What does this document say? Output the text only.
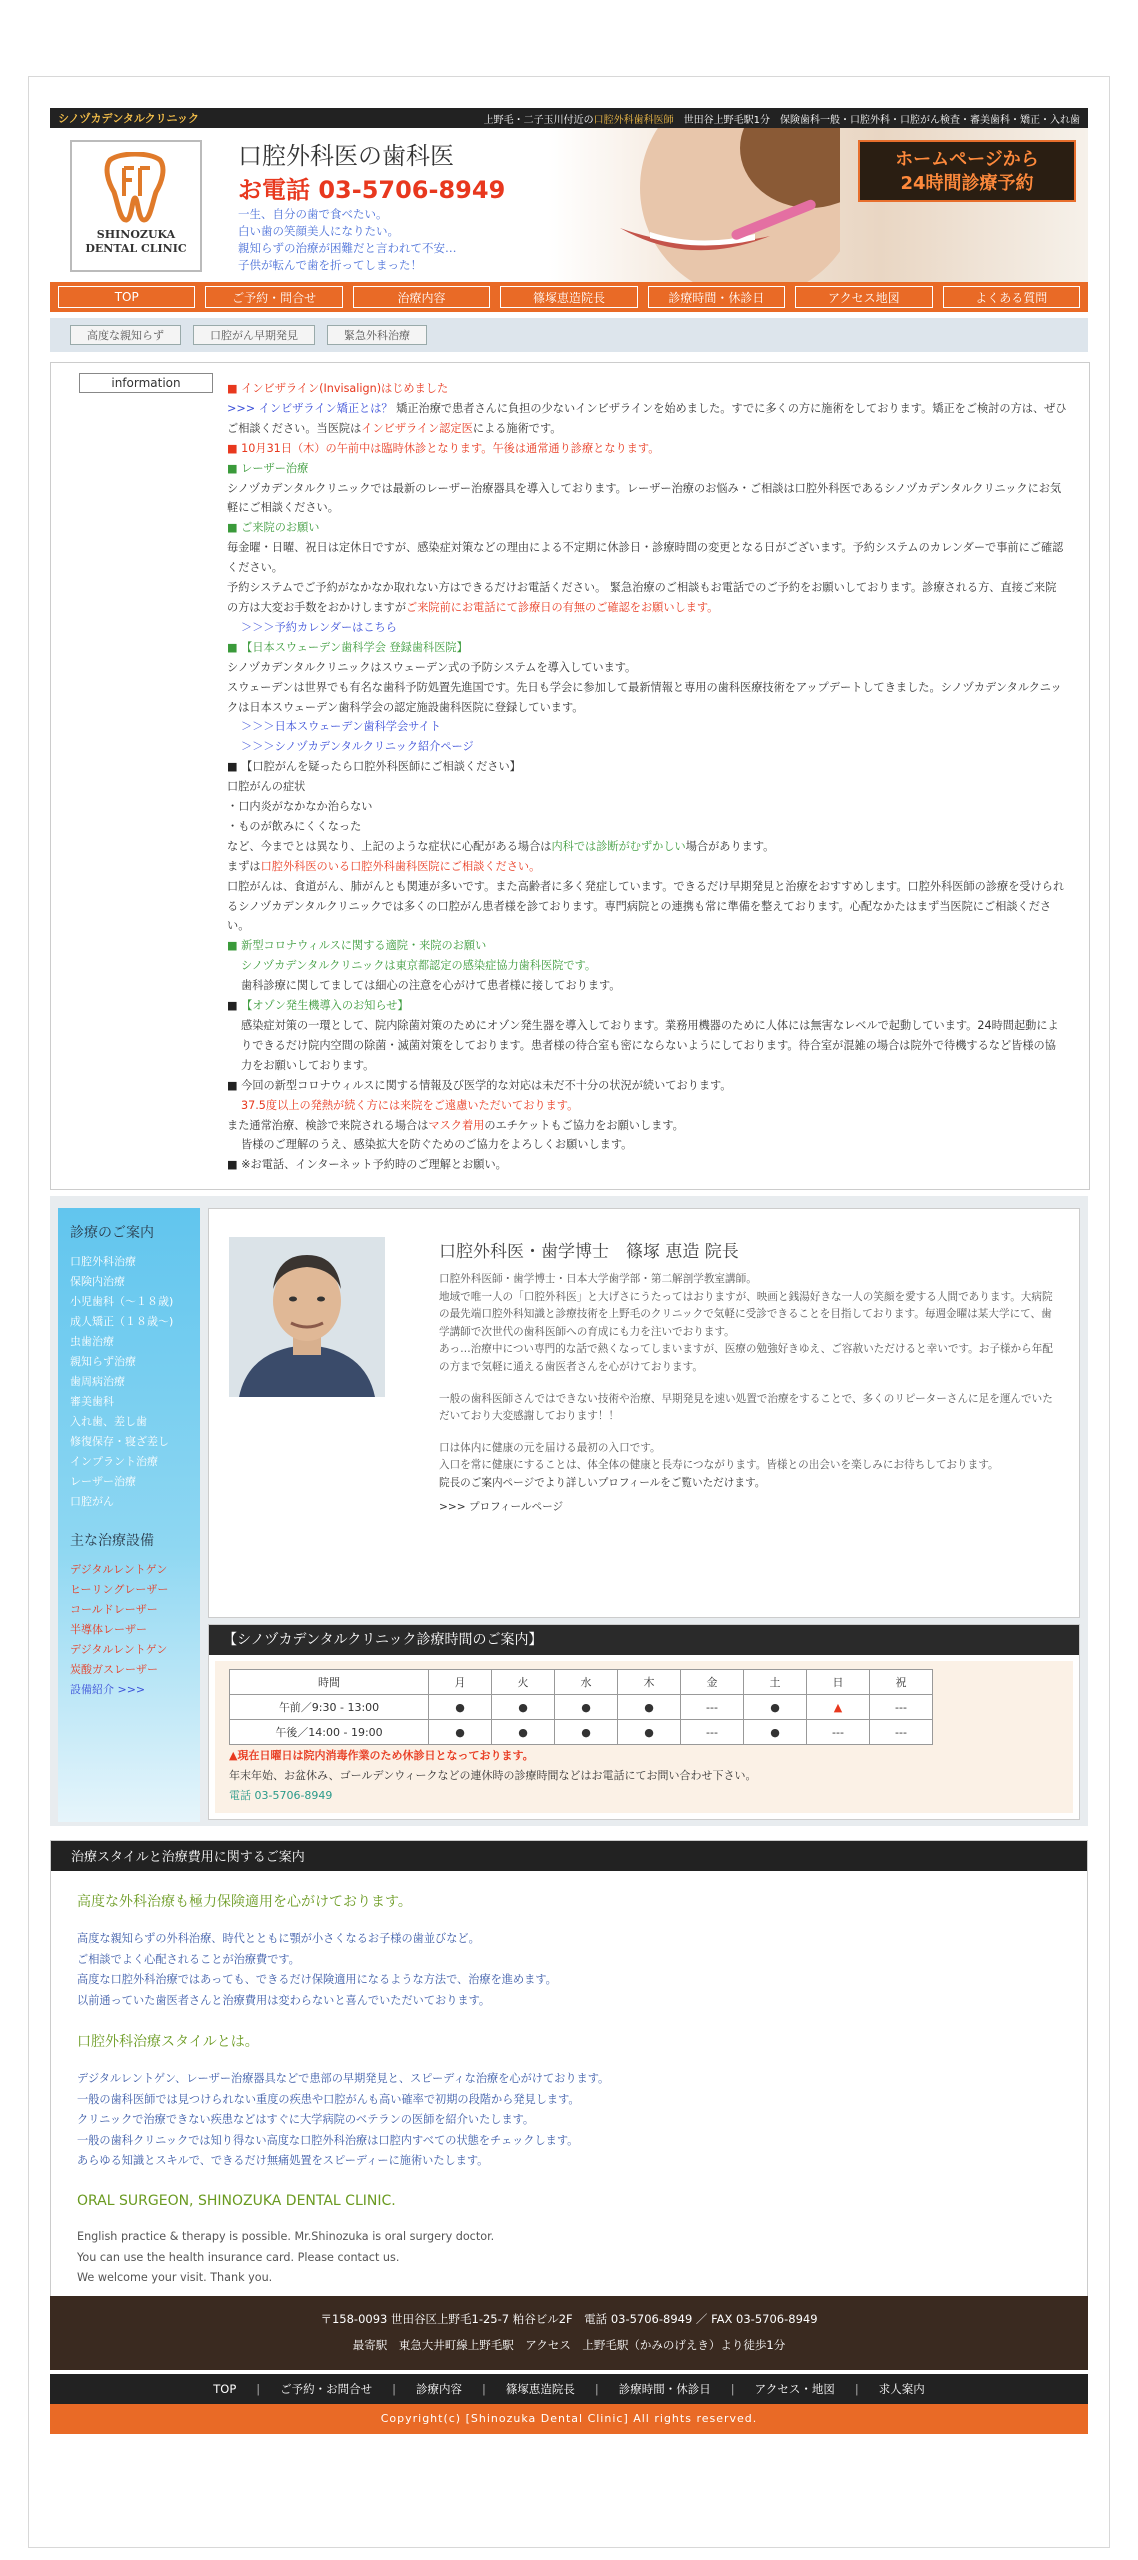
シノヅカデンタルクリニック	上野毛・二子玉川付近の口腔外科歯科医師　世田谷上野毛駅1分　保険歯科一般・口腔外科・口腔がん検査・審美歯科・矯正・入れ歯
SHINOZUKA
DENTAL CLINIC
口腔外科医の歯科医
お電話 03-5706-8949
一生、自分の歯で食べたい。
白い歯の笑顔美人になりたい。
親知らずの治療が困難だと言われて不安…
子供が転んで歯を折ってしまった！
ホームページから
24時間診療予約
TOP	ご予約・問合せ	治療内容	篠塚恵造院長	診療時間・休診日	アクセス地図	よくある質問
高度な親知らず	口腔がん早期発見	緊急外科治療
information	■ インビザライン(Invisalign)はじめました

>>> インビザライン矯正とは？ 矯正治療で患者さんに負担の少ないインビザラインを始めました。すでに多くの方に施術をしております。矯正をご検討の方は、ぜひご相談ください。当医院はインビザライン認定医による施術です。

■ 10月31日（木）の午前中は臨時休診となります。午後は通常通り診療となります。

■ レーザー治療

シノヅカデンタルクリニックでは最新のレーザー治療器具を導入しております。レーザー治療のお悩み・ご相談は口腔外科医であるシノヅカデンタルクリニックにお気軽にご相談ください。

■ ご来院のお願い

毎金曜・日曜、祝日は定休日ですが、感染症対策などの理由による不定期に休診日・診療時間の変更となる日がございます。予約システムのカレンダーで事前にご確認ください。

予約システムでご予約がなかなか取れない方はできるだけお電話ください。 緊急治療のご相談もお電話でのご予約をお願いしております。診療される方、直接ご来院の方は大変お手数をおかけしますがご来院前にお電話にて診療日の有無のご確認をお願いします。

＞＞＞予約カレンダーはこちら

■ 【日本スウェーデン歯科学会 登録歯科医院】

シノヅカデンタルクリニックはスウェーデン式の予防システムを導入しています。

スウェーデンは世界でも有名な歯科予防処置先進国です。先日も学会に参加して最新情報と専用の歯科医療技術をアップデートしてきました。シノヅカデンタルクニックは日本スウェーデン歯科学会の認定施設歯科医院に登録しています。

＞＞＞日本スウェーデン歯科学会サイト

＞＞＞シノヅカデンタルクリニック紹介ページ

■ 【口腔がんを疑ったら口腔外科医師にご相談ください】

口腔がんの症状

・口内炎がなかなか治らない

・ものが飲みにくくなった

など、今までとは異なり、上記のような症状に心配がある場合は内科では診断がむずかしい場合があります。

まずは口腔外科医のいる口腔外科歯科医院にご相談ください。

口腔がんは、食道がん、肺がんとも関連が多いです。また高齢者に多く発症しています。できるだけ早期発見と治療をおすすめします。口腔外科医師の診療を受けられるシノヅカデンタルクリニックでは多くの口腔がん患者様を診ております。専門病院との連携も常に準備を整えております。心配なかたはまず当医院にご相談ください。

■ 新型コロナウィルスに関する適院・来院のお願い

シノヅカデンタルクリニックは東京都認定の感染症協力歯科医院です。

歯科診療に関してましては細心の注意を心がけて患者様に接しております。

■ 【オゾン発生機導入のお知らせ】

感染症対策の一環として、院内除菌対策のためにオゾン発生器を導入しております。業務用機器のために人体には無害なレベルで起動しています。24時間起動によりできるだけ院内空間の除菌・滅菌対策をしております。患者様の待合室も密にならないようにしております。待合室が混雑の場合は院外で待機するなど皆様の協力をお願いしております。

■ 今回の新型コロナウィルスに関する情報及び医学的な対応は未だ不十分の状況が続いております。

37.5度以上の発熱が続く方には来院をご遠慮いただいております。

また通常治療、検診で来院される場合はマスク着用のエチケットもご協力をお願いします。

皆様のご理解のうえ、感染拡大を防ぐためのご協力をよろしくお願いします。

■ ※お電話、インターネット予約時のご理解とお願い。

診療のご案内
口腔外科治療
保険内治療
小児歯科（～１８歳)
成人矯正（１８歳～)
虫歯治療
親知らず治療
歯周病治療
審美歯科
入れ歯、差し歯
修復保存・寝ざ差し
インプラント治療
レーザー治療
口腔がん
主な治療設備
デジタルレントゲン
ヒーリングレーザー
コールドレーザー
半導体レーザー
デジタルレントゲン
炭酸ガスレーザー
設備紹介 >>>
口腔外科医・歯学博士　篠塚 恵造 院長

口腔外科医師・歯学博士・日本大学歯学部・第二解剖学教室講師。

地域で唯一人の「口腔外科医」と大げさにうたってはおりますが、映画と銭湯好きな一人の笑顔を愛する人間であります。大病院の最先端口腔外科知識と診療技術を上野毛のクリニックで気軽に受診できることを目指しております。毎週金曜は某大学にて、歯学講師で次世代の歯科医師への育成にも力を注いでおります。

あっ…治療中につい専門的な話で熱くなってしまいますが、医療の勉強好きゆえ、ご容赦いただけると幸いです。お子様から年配の方まで気軽に通える歯医者さんを心がけております。

一般の歯科医師さんではできない技術や治療、早期発見を速い処置で治療をすることで、多くのリピーターさんに足を運んでいただいており大変感謝しております！！

口は体内に健康の元を届ける最初の入口です。

入口を常に健康にすることは、体全体の健康と長寿につながります。皆様との出会いを楽しみにお待ちしております。

院長のご案内ページでより詳しいプロフィールをご覧いただけます。

>>> プロフィールページ

【シノヅカデンタルクリニック診療時間のご案内】
時間	月	火	水	木	金	土	日	祝
午前／9:30 - 13:00	●	●	●	●	---	●	▲	---
午後／14:00 - 19:00	●	●	●	●	---	●	---	---
▲現在日曜日は院内消毒作業のため休診日となっております。
年末年始、お盆休み、ゴールデンウィークなどの連休時の診療時間などはお電話にてお問い合わせ下さい。
電話 03-5706-8949
治療スタイルと治療費用に関するご案内
高度な外科治療も極力保険適用を心がけております。

高度な親知らずの外科治療、時代とともに顎が小さくなるお子様の歯並びなど。

ご相談でよく心配されることが治療費です。

高度な口腔外科治療ではあっても、できるだけ保険適用になるような方法で、治療を進めます。

以前通っていた歯医者さんと治療費用は変わらないと喜んでいただいております。

口腔外科治療スタイルとは。

デジタルレントゲン、レーザー治療器具などで患部の早期発見と、スピーディな治療を心がけております。

一般の歯科医師では見つけられない重度の疾患や口腔がんも高い確率で初期の段階から発見します。

クリニックで治療できない疾患などはすぐに大学病院のベテランの医師を紹介いたします。

一般の歯科クリニックでは知り得ない高度な口腔外科治療は口腔内すべての状態をチェックします。

あらゆる知識とスキルで、できるだけ無痛処置をスピーディーに施術いたします。

ORAL SURGEON, SHINOZUKA DENTAL CLINIC.

English practice & therapy is possible. Mr.Shinozuka is oral surgery doctor.

You can use the health insurance card. Please contact us.

We welcome your visit. Thank you.

〒158-0093 世田谷区上野毛1-25-7 粕谷ビル2F　電話 03-5706-8949 ／ FAX 03-5706-8949
最寄駅　東急大井町線上野毛駅　アクセス　上野毛駅（かみのげえき）より徒歩1分
TOP | ご予約・お問合せ | 診療内容 | 篠塚恵造院長 | 診療時間・休診日 | アクセス・地図 | 求人案内
Copyright(c) [Shinozuka Dental Clinic] All rights reserved.
